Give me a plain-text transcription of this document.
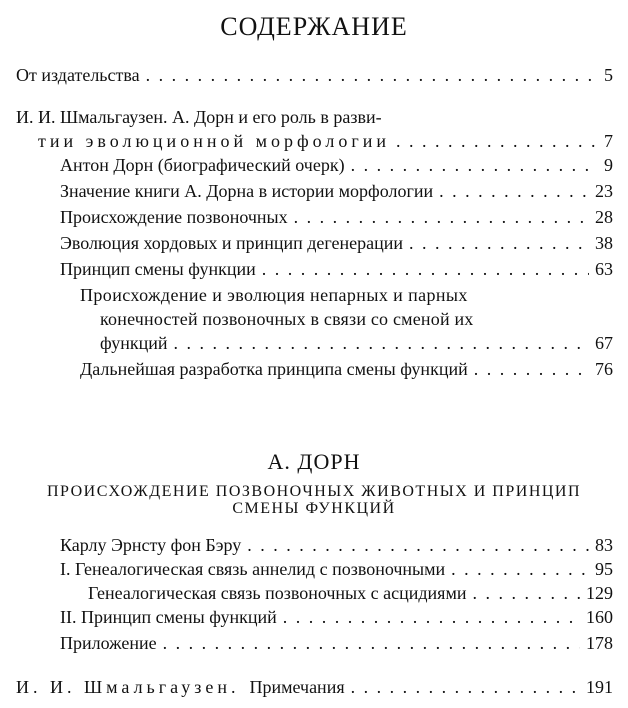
СОДЕРЖАНИЕ
От издательства . . .	5
И. И. Шмальгаузен. А. Дорн и его роль в разви-
тии эволюционной морфологии . . .	7
Антон Дорн (биографический очерк) . . .	9
Значение книги А. Дорна в истории морфологии . . .	23
Происхождение позвоночных . . .	28
Эволюция хордовых и принцип дегенерации . . .	38
Принцип смены функции . . .	63
Происхождение и эволюция непарных и парных
конечностей позвоночных в связи со сменой их
функций . . .	67
Дальнейшая разработка принципа смены функций . . .	76
А. ДОРН
ПРОИСХОЖДЕНИЕ ПОЗВОНОЧНЫХ ЖИВОТНЫХ И ПРИНЦИП
СМЕНЫ ФУНКЦИЙ
Карлу Эрнсту фон Бэру . . .	83
I. Генеалогическая связь аннелид с позвоночными . . .	95
Генеалогическая связь позвоночных с асцидиями . . .	129
II. Принцип смены функций . . .	160
Приложение . . .	178
И. И. Шмальгаузен. Примечания . . .	191
